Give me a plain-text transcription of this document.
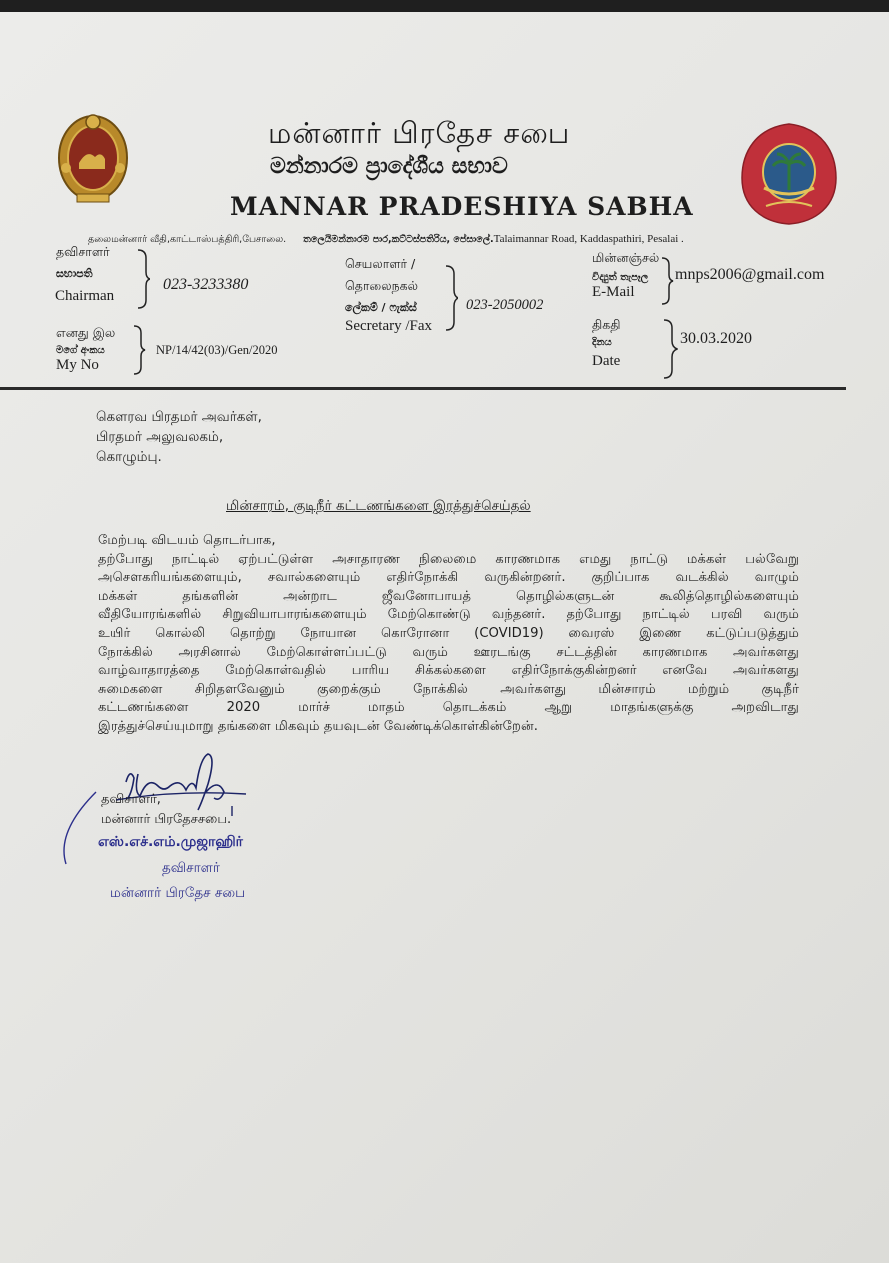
மன்னார் பிரதேச சபை
මන්නාරම ප්‍රාදේශීය සභාව
MANNAR PRADESHIYA SABHA
தலைமன்னார் வீதி,காட்டாஸ்பத்திரி,பேசாலை. තලෙයිමන්නාරම පාර,කට්ටස්පතිරිය, පේසාලේ.Talaimannar Road, Kaddaspathiri, Pesalai .
தவிசாளர்
සභාපති
Chairman
023-3233380
எனது இல
මගේ අංකය
My No
NP/14/42(03)/Gen/2020
செயலாளர் /
தொலைநகல்
ලේකම් / ෆැක්ස්
Secretary /Fax
023-2050002
மின்னஞ்சல்
විද්‍යුත් තැපෑල
E-Mail
mnps2006@gmail.com
திகதி
දිනය
Date
30.03.2020
கௌரவ பிரதமர் அவர்கள்,
பிரதமர் அலுவலகம்,
கொழும்பு.
மின்சாரம், குடிநீர் கட்டணங்களை இரத்துச்செய்தல்
மேற்படி விடயம் தொடர்பாக,
தற்போது நாட்டில் ஏற்பட்டுள்ள அசாதாரண நிலைமை காரணமாக எமது நாட்டு மக்கள் பல்வேறு
அசௌகரியங்களையும், சவால்களையும் எதிர்நோக்கி வருகின்றனர். குறிப்பாக வடக்கில் வாழும்
மக்கள் தங்களின் அன்றாட ஜீவனோபாயத் தொழில்களுடன் கூலித்தொழில்களையும்
வீதியோரங்களில் சிறுவியாபாரங்களையும் மேற்கொண்டு வந்தனர். தற்போது நாட்டில் பரவி வரும்
உயிர் கொல்லி தொற்று நோயான கொரோனா (COVID19) வைரஸ் இணை கட்டுப்படுத்தும்
நோக்கில் அரசினால் மேற்கொள்ளப்பட்டு வரும் ஊரடங்கு சட்டத்தின் காரணமாக அவர்களது
வாழ்வாதாரத்தை மேற்கொள்வதில் பாரிய சிக்கல்களை எதிர்நோக்குகின்றனர் எனவே அவர்களது
சுமைகளை சிறிதளவேனும் குறைக்கும் நோக்கில் அவர்களது மின்சாரம் மற்றும் குடிநீர்
கட்டணங்களை 2020 மார்ச் மாதம் தொடக்கம் ஆறு மாதங்களுக்கு அறவிடாது
இரத்துச்செய்யுமாறு தங்களை மிகவும் தயவுடன் வேண்டிக்கொள்கின்றேன்.
தவிசாளர்,
மன்னார் பிரதேசசபை.
எஸ்.எச்.எம்.முஜாஹிர்
தவிசாளர்
மன்னார் பிரதேச சபை
